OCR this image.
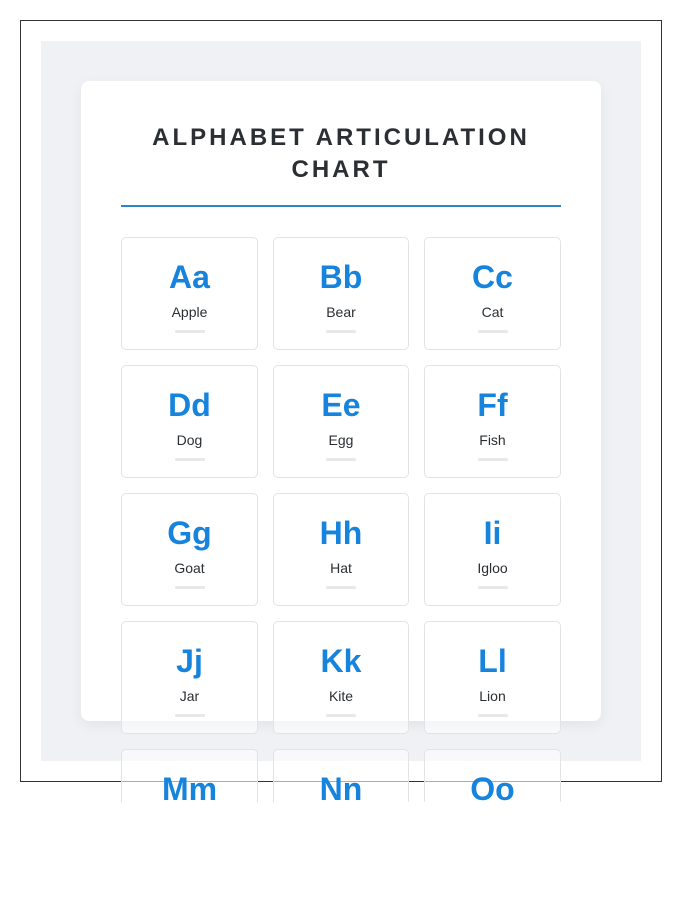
ALPHABET ARTICULATION CHART
Aa
Apple
Bb
Bear
Cc
Cat
Dd
Dog
Ee
Egg
Ff
Fish
Gg
Goat
Hh
Hat
Ii
Igloo
Jj
Jar
Kk
Kite
Ll
Lion
Mm	Nn	Oo
